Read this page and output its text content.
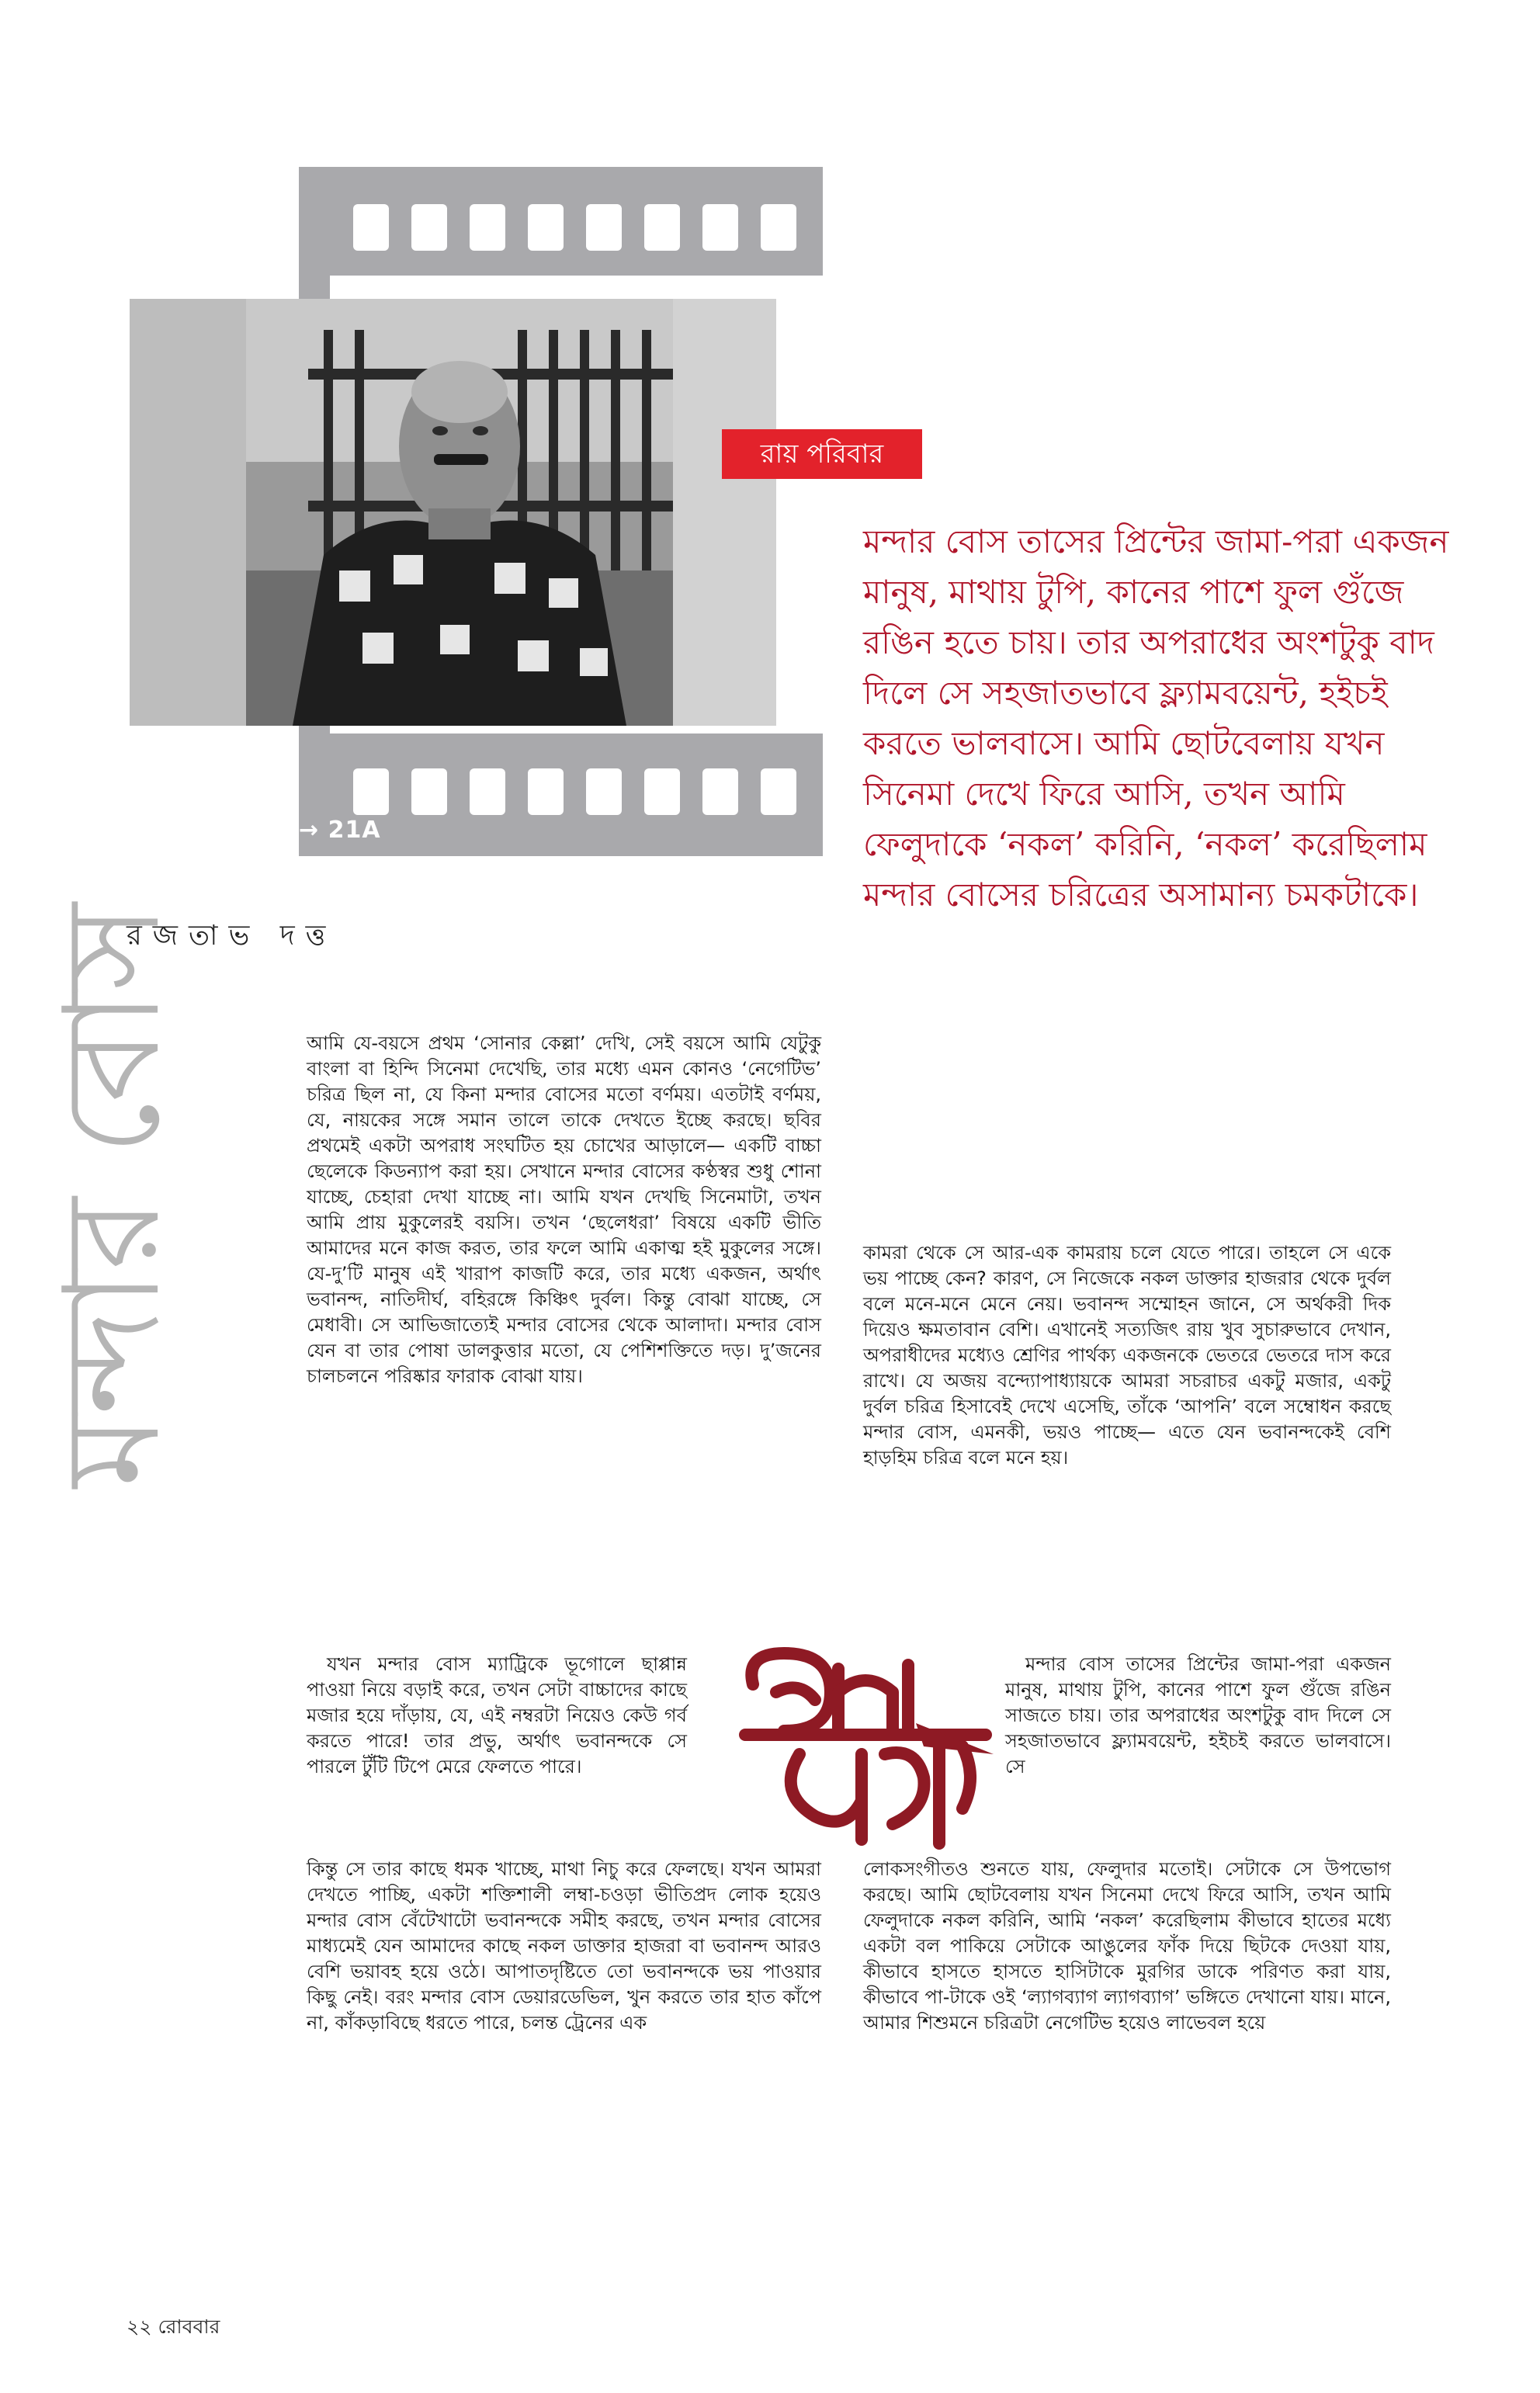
→ 21A
রায় পরিবার
মন্দার বোস তাসের প্রিন্টের জামা-পরা একজন মানুষ, মাথায় টুপি, কানের পাশে ফুল গুঁজে রঙিন হতে চায়। তার অপরাধের অংশটুকু বাদ দিলে সে সহজাতভাবে ফ্ল্যামবয়েন্ট, হইচই করতে ভালবাসে। আমি ছোটবেলায় যখন সিনেমা দেখে ফিরে আসি, তখন আমি ফেলুদাকে ‘নকল’ করিনি, ‘নকল’ করেছিলাম মন্দার বোসের চরিত্রের অসামান্য চমকটাকে।
রজতাভ দত্ত
মন্দার বোস	আমি যে-বয়সে প্রথম ‘সোনার কেল্লা’ দেখি, সেই বয়সে আমি যেটুকু বাংলা বা হিন্দি সিনেমা দেখেছি, তার মধ্যে এমন কোনও ‘নেগেটিভ’ চরিত্র ছিল না, যে কিনা মন্দার বোসের মতো বর্ণময়। এতটাই বর্ণময়, যে, নায়কের সঙ্গে সমান তালে তাকে দেখতে ইচ্ছে করছে। ছবির প্রথমেই একটা অপরাধ সংঘটিত হয় চোখের আড়ালে— একটি বাচ্চা ছেলেকে কিডন্যাপ করা হয়। সেখানে মন্দার বোসের কণ্ঠস্বর শুধু শোনা যাচ্ছে, চেহারা দেখা যাচ্ছে না। আমি যখন দেখছি সিনেমাটা, তখন আমি প্রায় মুকুলেরই বয়সি। তখন ‘ছেলেধরা’ বিষয়ে একটি ভীতি আমাদের মনে কাজ করত, তার ফলে আমি একাত্ম হই মুকুলের সঙ্গে। যে-দু’টি মানুষ এই খারাপ কাজটি করে, তার মধ্যে একজন, অর্থাৎ ভবানন্দ, নাতিদীর্ঘ, বহিরঙ্গে কিঞ্চিৎ দুর্বল। কিন্তু বোঝা যাচ্ছে, সে মেধাবী। সে আভিজাত্যেই মন্দার বোসের থেকে আলাদা। মন্দার বোস যেন বা তার পোষা ডালকুত্তার মতো, যে পেশিশক্তিতে দড়। দু’জনের চালচলনে পরিষ্কার ফারাক বোঝা যায়।

যখন মন্দার বোস ম্যাট্রিকে ভূগোলে ছাপ্পান্ন পাওয়া নিয়ে বড়াই করে, তখন সেটা বাচ্চাদের কাছে মজার হয়ে দাঁড়ায়, যে, এই নম্বরটা নিয়েও কেউ গর্ব করতে পারে! তার প্রভু, অর্থাৎ ভবানন্দকে সে পারলে টুঁটি টিপে মেরে ফেলতে পারে।

কিন্তু সে তার কাছে ধমক খাচ্ছে, মাথা নিচু করে ফেলছে। যখন আমরা দেখতে পাচ্ছি, একটা শক্তিশালী লম্বা-চওড়া ভীতিপ্রদ লোক হয়েও মন্দার বোস বেঁটেখাটো ভবানন্দকে সমীহ করছে, তখন মন্দার বোসের মাধ্যমেই যেন আমাদের কাছে নকল ডাক্তার হাজরা বা ভবানন্দ আরও বেশি ভয়াবহ হয়ে ওঠে। আপাতদৃষ্টিতে তো ভবানন্দকে ভয় পাওয়ার কিছু নেই। বরং মন্দার বোস ডেয়ারডেভিল, খুন করতে তার হাত কাঁপে না, কাঁকড়াবিছে ধরতে পারে, চলন্ত ট্রেনের এক

কামরা থেকে সে আর-এক কামরায় চলে যেতে পারে। তাহলে সে একে ভয় পাচ্ছে কেন? কারণ, সে নিজেকে নকল ডাক্তার হাজরার থেকে দুর্বল বলে মনে-মনে মেনে নেয়। ভবানন্দ সম্মোহন জানে, সে অর্থকরী দিক দিয়েও ক্ষমতাবান বেশি। এখানেই সত্যজিৎ রায় খুব সুচারুভাবে দেখান, অপরাধীদের মধ্যেও শ্রেণির পার্থক্য একজনকে ভেতরে ভেতরে দাস করে রাখে। যে অজয় বন্দ্যোপাধ্যায়কে আমরা সচরাচর একটু মজার, একটু দুর্বল চরিত্র হিসাবেই দেখে এসেছি, তাঁকে ‘আপনি’ বলে সম্বোধন করছে মন্দার বোস, এমনকী, ভয়ও পাচ্ছে— এতে যেন ভবানন্দকেই বেশি হাড়হিম চরিত্র বলে মনে হয়।

মন্দার বোস তাসের প্রিন্টের জামা-পরা একজন মানুষ, মাথায় টুপি, কানের পাশে ফুল গুঁজে রঙিন সাজতে চায়। তার অপরাধের অংশটুকু বাদ দিলে সে সহজাতভাবে ফ্ল্যামবয়েন্ট, হইচই করতে ভালবাসে। সে

লোকসংগীতও শুনতে যায়, ফেলুদার মতোই। সেটাকে সে উপভোগ করছে। আমি ছোটবেলায় যখন সিনেমা দেখে ফিরে আসি, তখন আমি ফেলুদাকে নকল করিনি, আমি ‘নকল’ করেছিলাম কীভাবে হাতের মধ্যে একটা বল পাকিয়ে সেটাকে আঙুলের ফাঁক দিয়ে ছিটকে দেওয়া যায়, কীভাবে হাসতে হাসতে হাসিটাকে মুরগির ডাকে পরিণত করা যায়, কীভাবে পা-টাকে ওই ‘ল্যাগব্যাগ ল্যাগব্যাগ’ ভঙ্গিতে দেখানো যায়। মানে, আমার শিশুমনে চরিত্রটা নেগেটিভ হয়েও লাভেবল হয়ে

২২ রোববার
